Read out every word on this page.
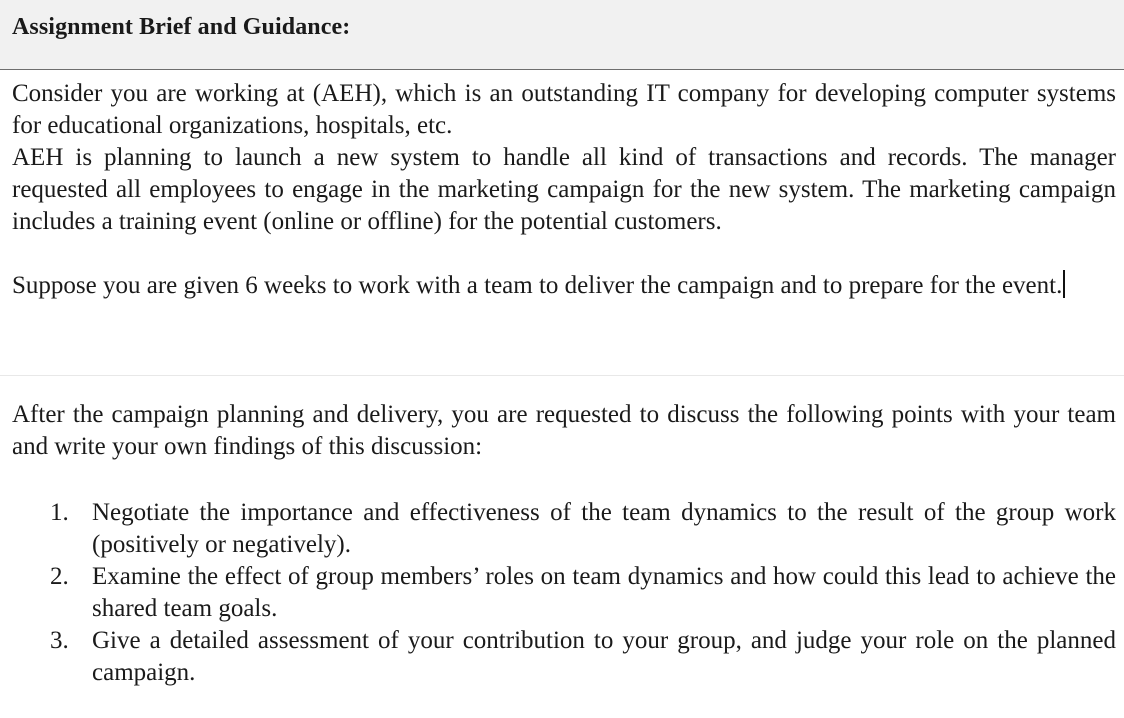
Assignment Brief and Guidance:
Consider you are working at (AEH), which is an outstanding IT company for developing computer systems for educational organizations, hospitals, etc.
AEH is planning to launch a new system to handle all kind of transactions and records. The manager requested all employees to engage in the marketing campaign for the new system. The marketing campaign includes a training event (online or offline) for the potential customers.
Suppose you are given 6 weeks to work with a team to deliver the campaign and to prepare for the event.
After the campaign planning and delivery, you are requested to discuss the following points with your team and write your own findings of this discussion:
1. Negotiate the importance and effectiveness of the team dynamics to the result of the group work (positively or negatively).
2. Examine the effect of group members’ roles on team dynamics and how could this lead to achieve the shared team goals.
3. Give a detailed assessment of your contribution to your group, and judge your role on the planned campaign.
